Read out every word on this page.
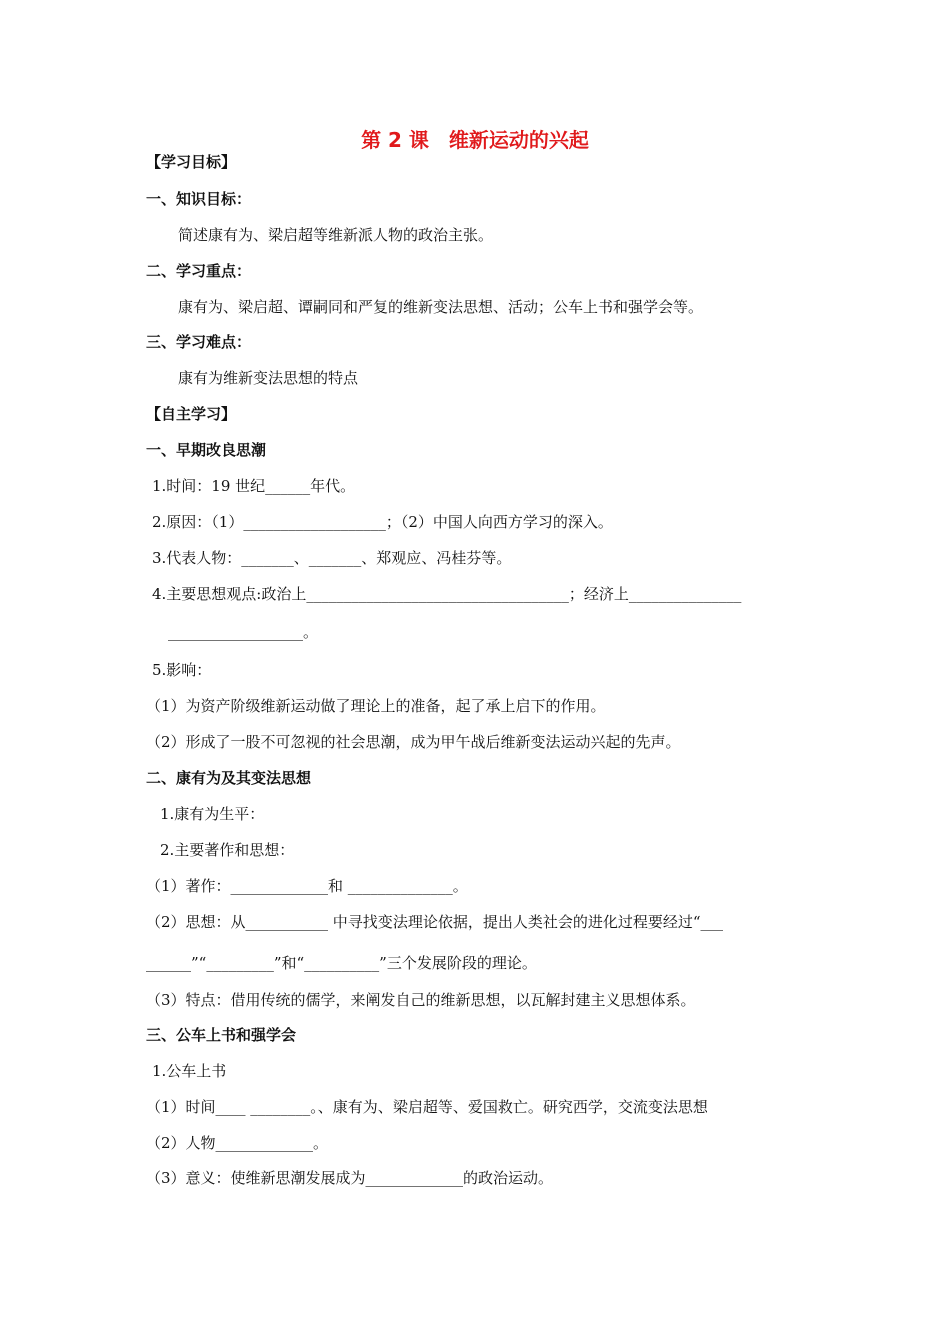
第 2 课　维新运动的兴起
【学习目标】
一、知识目标：
简述康有为、梁启超等维新派人物的政治主张。
二、学习重点：
康有为、梁启超、谭嗣同和严复的维新变法思想、活动；公车上书和强学会等。
三、学习难点：
康有为维新变法思想的特点
【自主学习】
一、早期改良思潮
1.时间：19 世纪______年代。
2.原因：（1）___________________；（2）中国人向西方学习的深入。
3.代表人物：_______、_______、郑观应、冯桂芬等。
4.主要思想观点:政治上___________________________________；经济上_______________
__________________。
5.影响：
（1）为资产阶级维新运动做了理论上的准备，起了承上启下的作用。
（2）形成了一股不可忽视的社会思潮，成为甲午战后维新变法运动兴起的先声。
二、康有为及其变法思想
1.康有为生平：
2.主要著作和思想：
（1）著作：_____________和 ______________。
（2）思想：从___________ 中寻找变法理论依据，提出人类社会的进化过程要经过“___
______”“_________”和“__________”三个发展阶段的理论。
（3）特点：借用传统的儒学，来阐发自己的维新思想，以瓦解封建主义思想体系。
三、公车上书和强学会
1.公车上书
（1）时间____ ________。、康有为、梁启超等、爱国救亡。研究西学，交流变法思想
（2）人物_____________。
（3）意义：使维新思潮发展成为_____________的政治运动。
